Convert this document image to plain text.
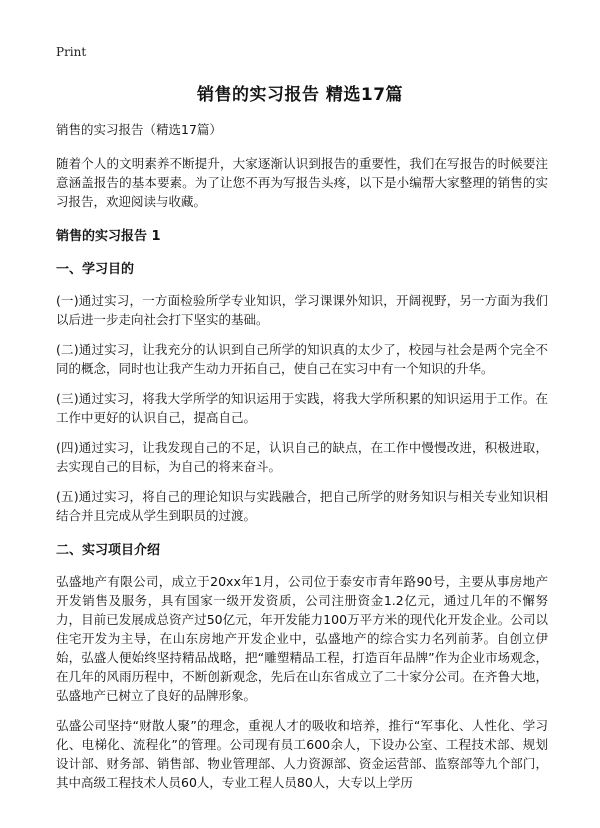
Print
销售的实习报告 精选17篇
销售的实习报告（精选17篇）

随着个人的文明素养不断提升，大家逐渐认识到报告的重要性，我们在写报告的时候要注意涵盖报告的基本要素。为了让您不再为写报告头疼，以下是小编帮大家整理的销售的实习报告，欢迎阅读与收藏。

销售的实习报告 1
一、学习目的

(一)通过实习，一方面检验所学专业知识，学习课课外知识，开阔视野，另一方面为我们以后进一步走向社会打下坚实的基础。

(二)通过实习，让我充分的认识到自己所学的知识真的太少了，校园与社会是两个完全不同的概念，同时也让我产生动力开拓自己，使自己在实习中有一个知识的升华。

(三)通过实习，将我大学所学的知识运用于实践，将我大学所积累的知识运用于工作。在工作中更好的认识自己，提高自己。

(四)通过实习，让我发现自己的不足，认识自己的缺点，在工作中慢慢改进，积极进取，去实现自己的目标，为自己的将来奋斗。

(五)通过实习，将自己的理论知识与实践融合，把自己所学的财务知识与相关专业知识相结合并且完成从学生到职员的过渡。

二、实习项目介绍

弘盛地产有限公司，成立于20xx年1月，公司位于泰安市青年路90号，主要从事房地产开发销售及服务，具有国家一级开发资质，公司注册资金1.2亿元，通过几年的不懈努力，目前已发展成总资产过50亿元，年开发能力100万平方米的现代化开发企业。公司以住宅开发为主导，在山东房地产开发企业中，弘盛地产的综合实力名列前茅。自创立伊始，弘盛人便始终坚持精品战略，把“雕塑精品工程，打造百年品牌”作为企业市场观念，在几年的风雨历程中，不断创新观念，先后在山东省成立了二十家分公司。在齐鲁大地，弘盛地产已树立了良好的品牌形象。

弘盛公司坚持“财散人聚”的理念，重视人才的吸收和培养，推行“军事化、人性化、学习化、电梯化、流程化”的管理。公司现有员工600余人，下设办公室、工程技术部、规划设计部、财务部、销售部、物业管理部、人力资源部、资金运营部、监察部等九个部门，其中高级工程技术人员60人，专业工程人员80人，大专以上学历
